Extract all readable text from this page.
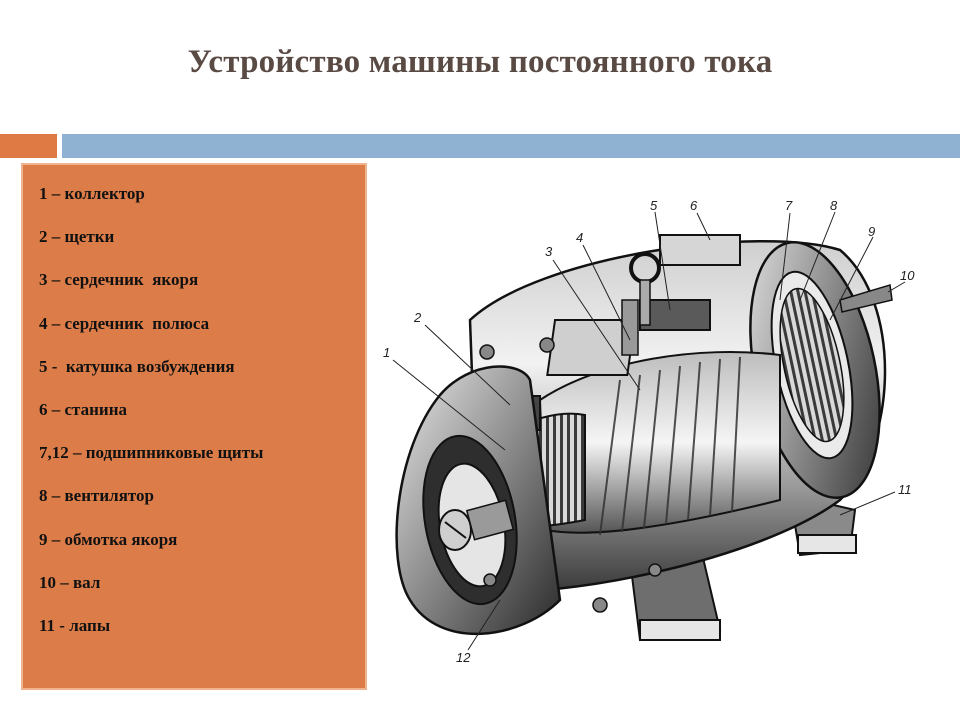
Устройство машины постоянного тока
1 – коллектор
2 – щетки
3 – сердечник  якоря
4 – сердечник  полюса
5 -  катушка возбуждения
6 – станина
7,12 – подшипниковые щиты
8 – вентилятор
9 – обмотка якоря
10 – вал
11 - лапы
1
2
3
4
5	6	7	8
9
10
11
12
